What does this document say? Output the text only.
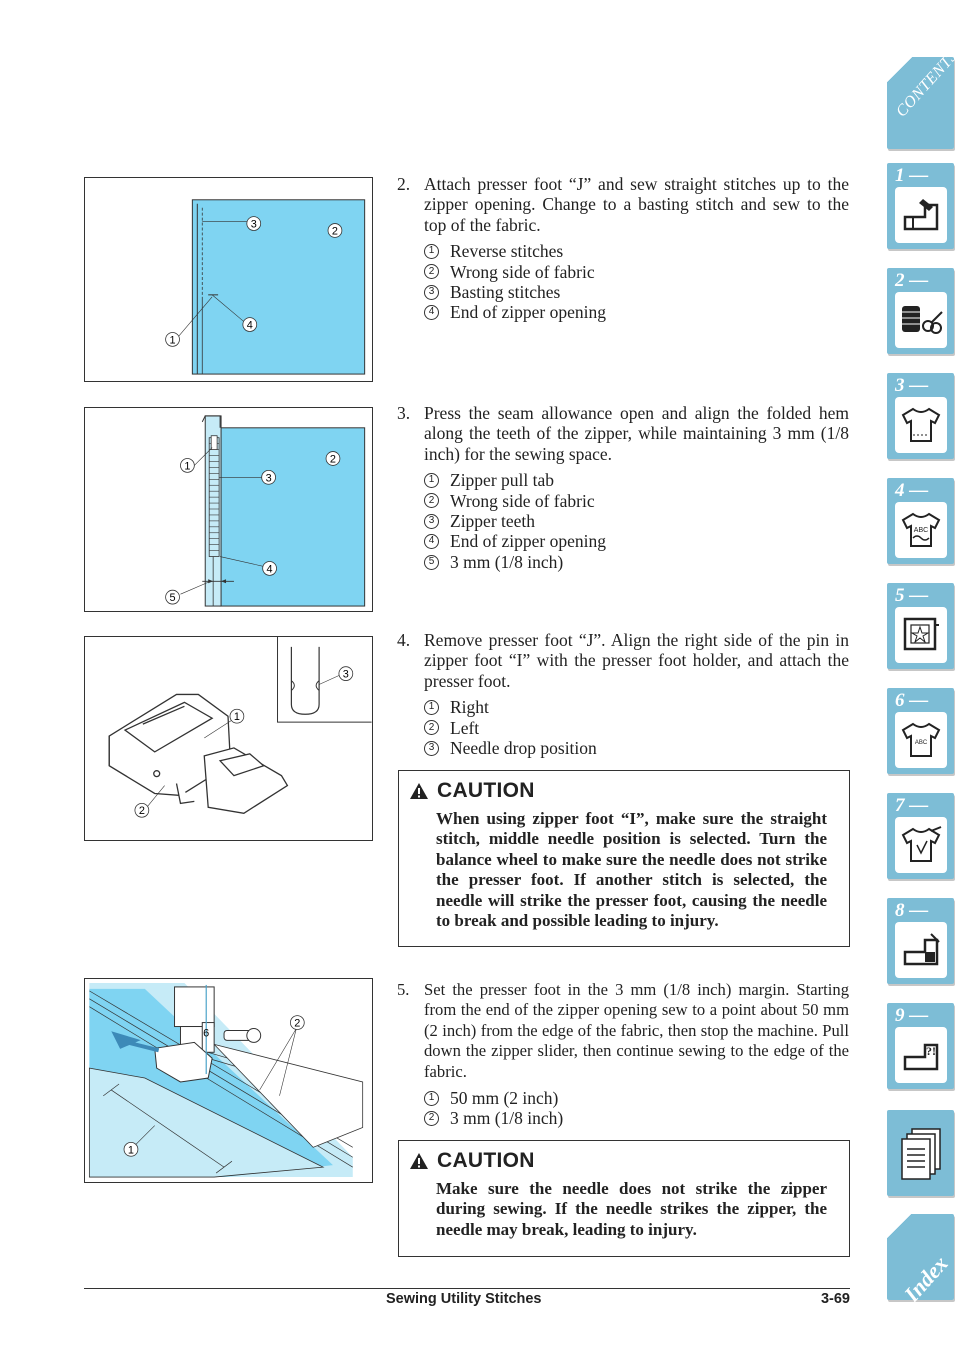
3
2
4
1
1
2
3
4
5
3
1
2
6
1
2
2. Attach presser foot “J” and sew straight stitches up to the zipper opening. Change to a basting stitch and sew to the top of the fabric.
1 Reverse stitches
2 Wrong side of fabric
3 Basting stitches
4 End of zipper opening
3. Press the seam allowance open and align the folded hem along the teeth of the zipper, while maintaining 3 mm (1/8 inch) for the sewing space.
1 Zipper pull tab
2 Wrong side of fabric
3 Zipper teeth
4 End of zipper opening
5 3 mm (1/8 inch)
4. Remove presser foot “J”. Align the right side of the pin in zipper foot “I” with the presser foot holder, and attach the presser foot.
1 Right
2 Left
3 Needle drop position
CAUTION
When using zipper foot “I”, make sure the straight stitch, middle needle position is selected. Turn the balance wheel to make sure the needle does not strike the presser foot. If another stitch is selected, the needle will strike the presser foot, causing the needle to break and possible leading to injury.
5. Set the presser foot in the 3 mm (1/8 inch) margin. Starting from the end of the zipper opening sew to a point about 50 mm (2 inch) from the edge of the fabric, then stop the machine. Pull down the zipper slider, then continue sewing to the edge of the fabric.
1 50 mm (2 inch)
2 3 mm (1/8 inch)
CAUTION
Make sure the needle does not strike the zipper during sewing. If the needle strikes the zipper, the needle may break, leading to injury.
Sewing Utility Stitches	3-69
CONTENTS
1 —
2 —
3 —
4 —
ABC
5 —
6 —
ABC
7 —
8 —
9 —
?!
Index
